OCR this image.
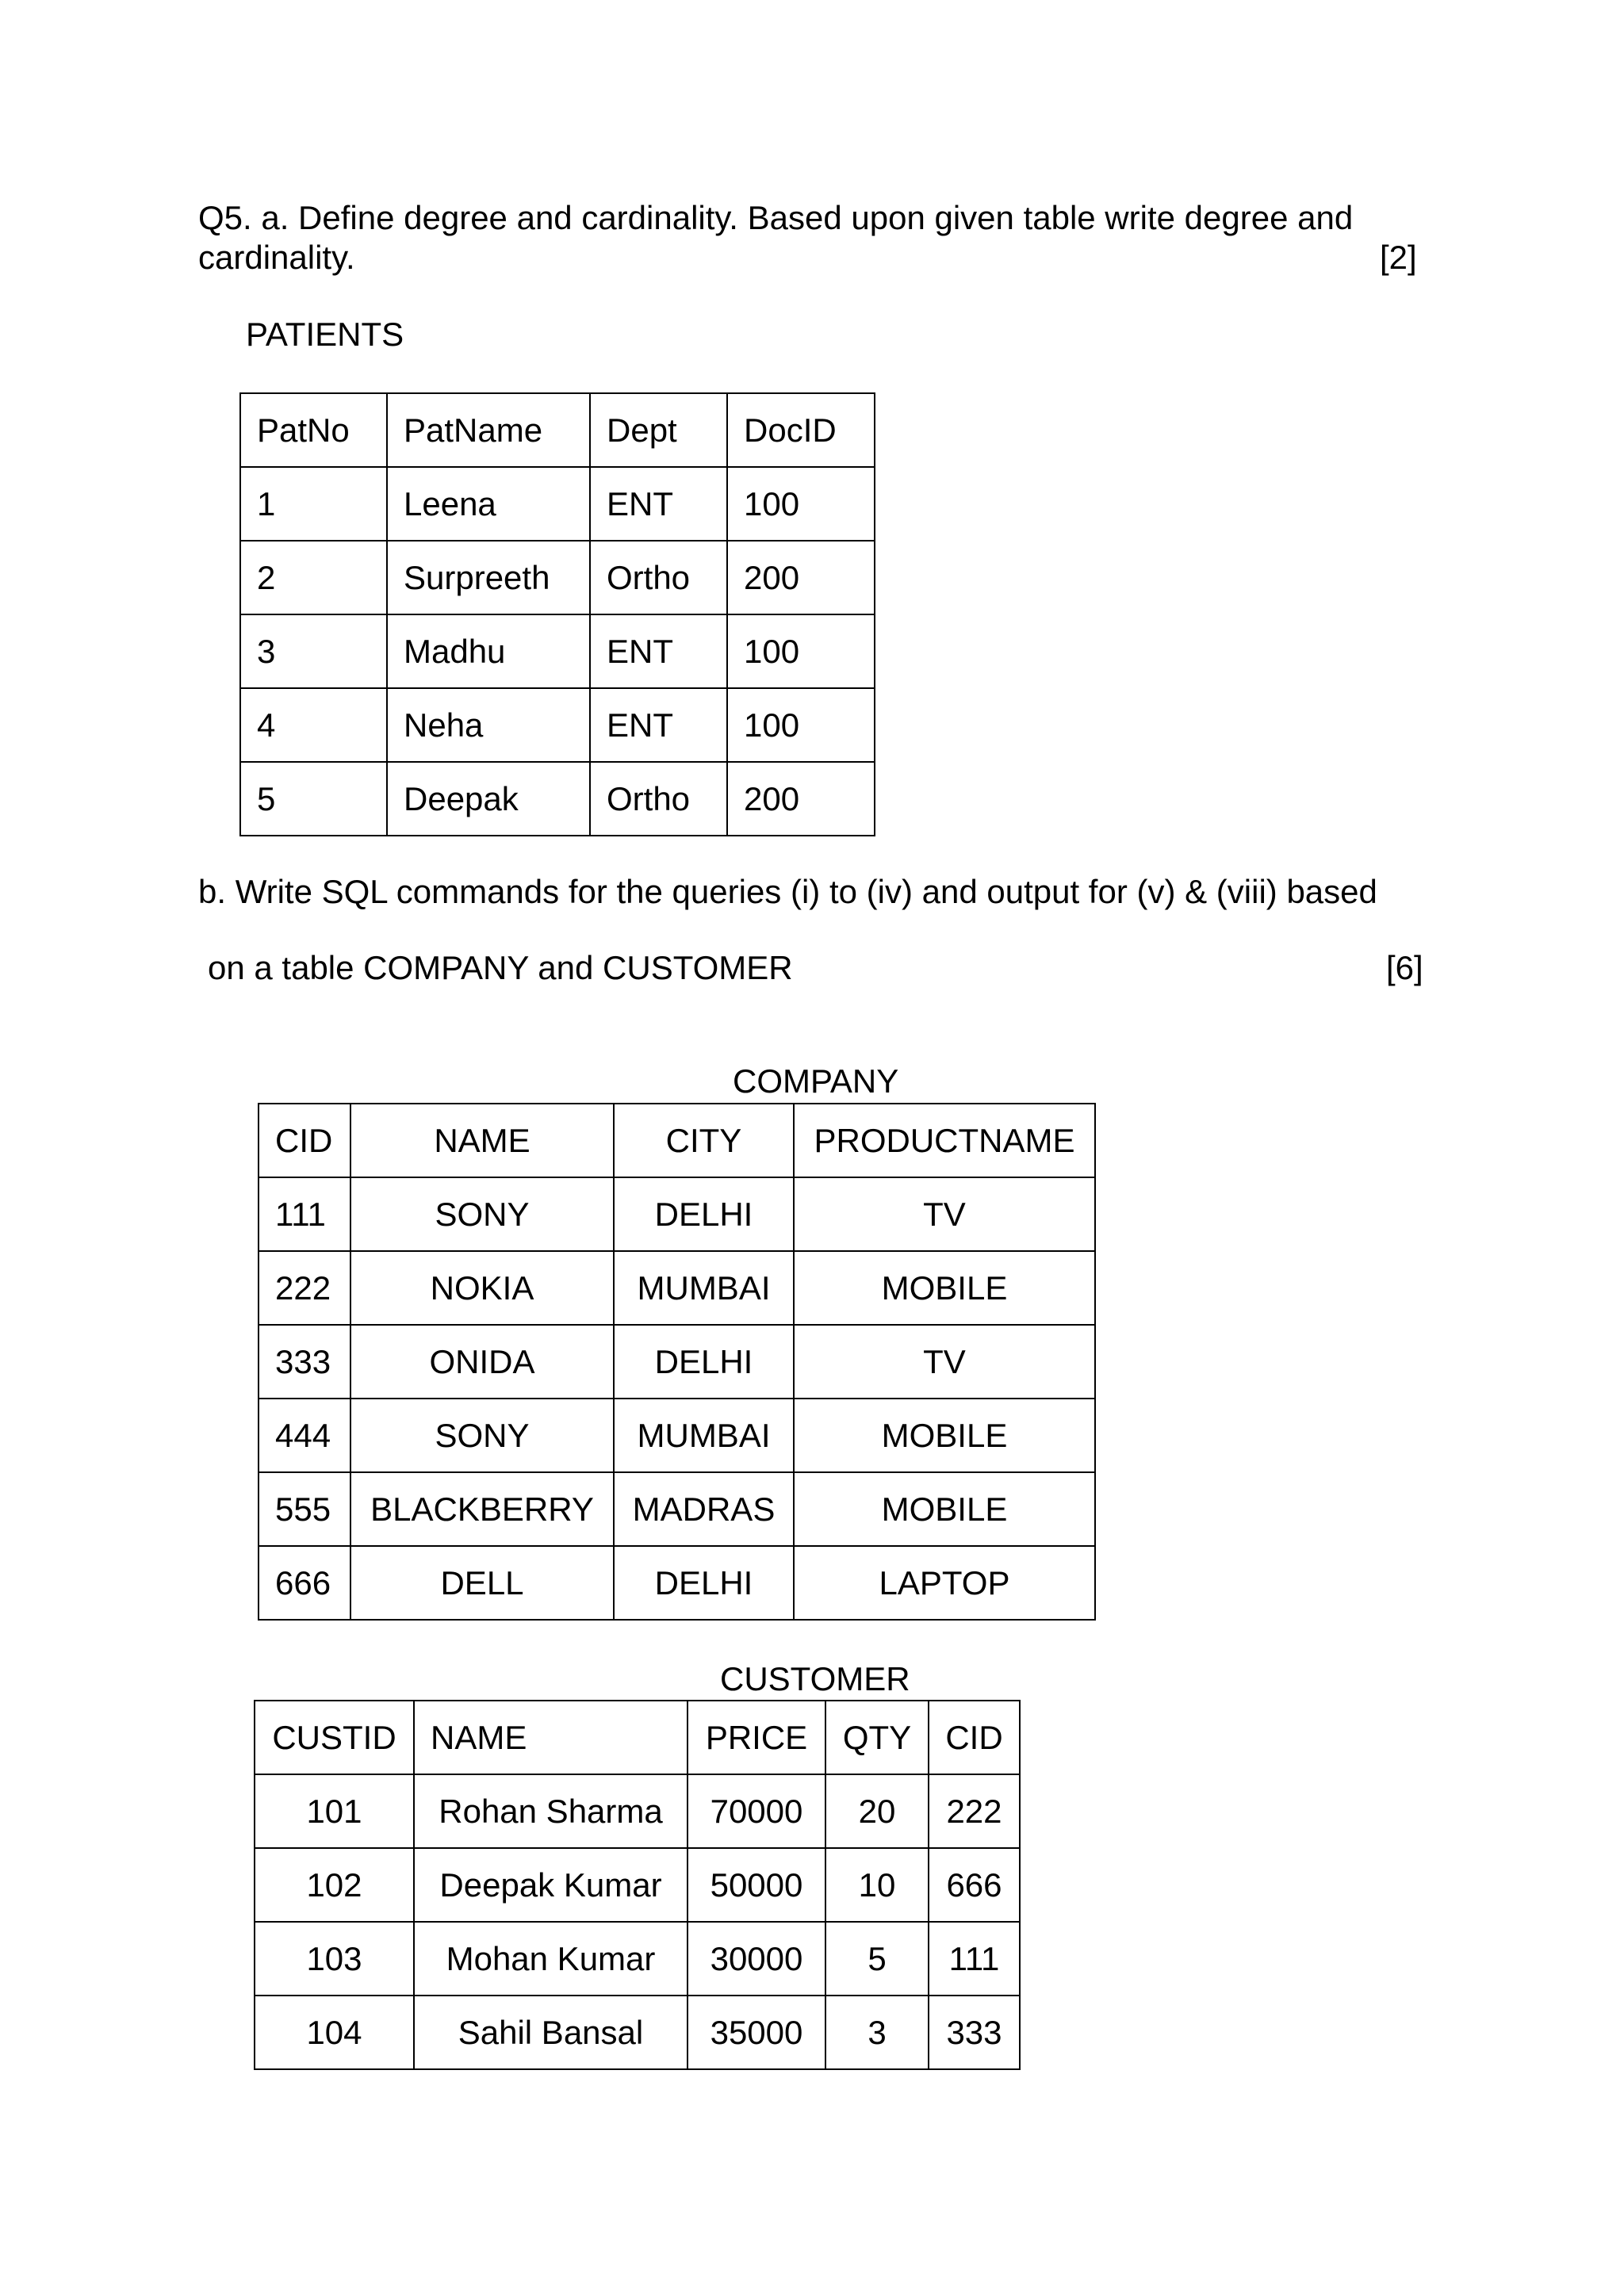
Q5. a. Define degree and cardinality. Based upon given table write degree and
cardinality.	[2]
PATIENTS
PatNo	PatName	Dept	DocID
1	Leena	ENT	100
2	Surpreeth	Ortho	200
3	Madhu	ENT	100
4	Neha	ENT	100
5	Deepak	Ortho	200
b. Write SQL commands for the queries (i) to (iv) and output for (v) & (viii) based
on a table COMPANY and CUSTOMER	[6]
COMPANY
CID	NAME	CITY	PRODUCTNAME
111	SONY	DELHI	TV
222	NOKIA	MUMBAI	MOBILE
333	ONIDA	DELHI	TV
444	SONY	MUMBAI	MOBILE
555	BLACKBERRY	MADRAS	MOBILE
666	DELL	DELHI	LAPTOP
CUSTOMER
CUSTID	NAME	PRICE	QTY	CID
101	Rohan Sharma	70000	20	222
102	Deepak Kumar	50000	10	666
103	Mohan Kumar	30000	5	111
104	Sahil Bansal	35000	3	333
